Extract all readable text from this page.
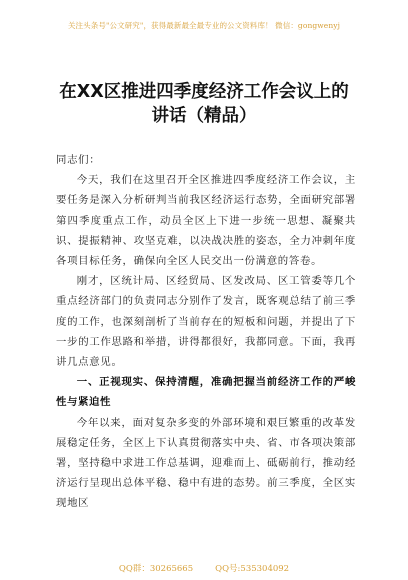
关注头条号"公文研究"，获得最新最全最专业的公文资料库！ 微信：gongwenyj
在XX区推进四季度经济工作会议上的讲话（精品）

同志们：

今天，我们在这里召开全区推进四季度经济工作会议，主要任务是深入分析研判当前我区经济运行态势，全面研究部署第四季度重点工作，动员全区上下进一步统一思想、凝聚共识、提振精神、攻坚克难，以决战决胜的姿态，全力冲刺年度各项目标任务，确保向全区人民交出一份满意的答卷。

刚才，区统计局、区经贸局、区发改局、区工管委等几个重点经济部门的负责同志分别作了发言，既客观总结了前三季度的工作，也深刻剖析了当前存在的短板和问题，并提出了下一步的工作思路和举措，讲得都很好，我都同意。下面，我再讲几点意见。

一、正视现实、保持清醒，准确把握当前经济工作的严峻性与紧迫性

今年以来，面对复杂多变的外部环境和艰巨繁重的改革发展稳定任务，全区上下认真贯彻落实中央、省、市各项决策部署，坚持稳中求进工作总基调，迎难而上、砥砺前行，推动经济运行呈现出总体平稳、稳中有进的态势。前三季度，全区实现地区

QQ群：30265665	QQ号:535304092
